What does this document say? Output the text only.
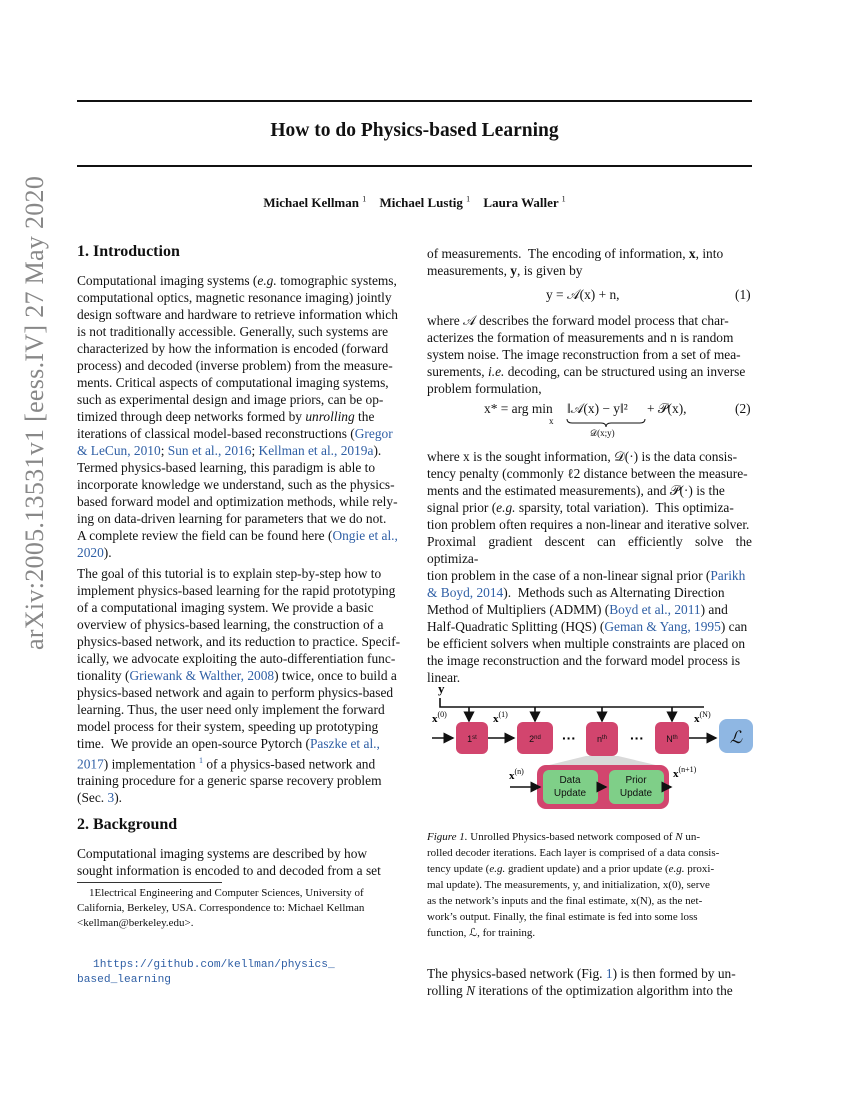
How to do Physics-based Learning
Michael Kellman $^1$ Michael Lustig $^1$ Laura Waller $^1$
arXiv:2005.13531v1 [eess.IV] 27 May 2020 1. Introduction

Computational imaging systems (e.g. tomographic systems,

computational optics, magnetic resonance imaging) jointly

design software and hardware to retrieve information which

is not traditionally accessible. Generally, such systems are

characterized by how the information is encoded (forward

process) and decoded (inverse problem) from the measure-

ments. Critical aspects of computational imaging systems,

such as experimental design and image priors, can be op-

timized through deep networks formed by unrolling the

iterations of classical model-based reconstructions (Gregor

& LeCun, 2010; Sun et al., 2016; Kellman et al., 2019a).

Termed physics-based learning, this paradigm is able to

incorporate knowledge we understand, such as the physics-

based forward model and optimization methods, while rely-

ing on data-driven learning for parameters that we do not.

A complete review the field can be found here (Ongie et al.,

2020).

The goal of this tutorial is to explain step-by-step how to

implement physics-based learning for the rapid prototyping

of a computational imaging system. We provide a basic

overview of physics-based learning, the construction of a

physics-based network, and its reduction to practice. Specif-

ically, we advocate exploiting the auto-differentiation func-

tionality (Griewank & Walther, 2008) twice, once to build a

physics-based network and again to perform physics-based

learning. Thus, the user need only implement the forward

model process for their system, speeding up prototyping

time.  We provide an open-source Pytorch (Paszke et al.,

2017) implementation $^1$ of a physics-based network and

training procedure for a generic sparse recovery problem

(Sec. 3).

2. Background

Computational imaging systems are described by how

sought information is encoded to and decoded from a set

1Electrical Engineering and Computer Sciences, University of
California, Berkeley, USA. Correspondence to: Michael Kellman
<kellman@berkeley.edu>.
1https://github.com/kellman/physics_
based_learning

of measurements.  The encoding of information, x, into

measurements, y, is given by

y = 𝒜(x) + n,	(1)

where 𝒜 describes the forward model process that char-

acterizes the formation of measurements and n is random

system noise. The image reconstruction from a set of mea-

surements, i.e. decoding, can be structured using an inverse

problem formulation,

x* = arg min
x
‖𝒜(x) − y‖²
𝒟(x;y)
+ 𝒫(x),	(2)

where x is the sought information, 𝒟(·) is the data consis-

tency penalty (commonly ℓ2 distance between the measure-

ments and the estimated measurements), and 𝒫(·) is the

signal prior (e.g. sparsity, total variation).  This optimiza-

tion problem often requires a non-linear and iterative solver.

Proximal gradient descent can efficiently solve the optimiza-

tion problem in the case of a non-linear signal prior (Parikh

& Boyd, 2014).  Methods such as Alternating Direction

Method of Multipliers (ADMM) (Boyd et al., 2011) and

Half-Quadratic Splitting (HQS) (Geman & Yang, 1995) can

be efficient solvers when multiple constraints are placed on

the image reconstruction and the forward model process is

linear.

y
$x^{(0)}$
1st
$x^{(1)}$
2nd ··· $n^{th}$ ··· $N^{th}$
$x^{(N)}$
ℒ
$x^{(n)}$
Data
Update
Prior
Update
$x^{(n+1)}$
Figure 1. Unrolled Physics-based network composed of N un-
rolled decoder iterations. Each layer is comprised of a data consis-
tency update (e.g. gradient update) and a prior update (e.g. proxi-
mal update). The measurements, y, and initialization, x(0), serve
as the network’s inputs and the final estimate, x(N), as the net-
work’s output. Finally, the final estimate is fed into some loss
function, ℒ, for training.

The physics-based network (Fig. 1) is then formed by un-

rolling N iterations of the optimization algorithm into the
